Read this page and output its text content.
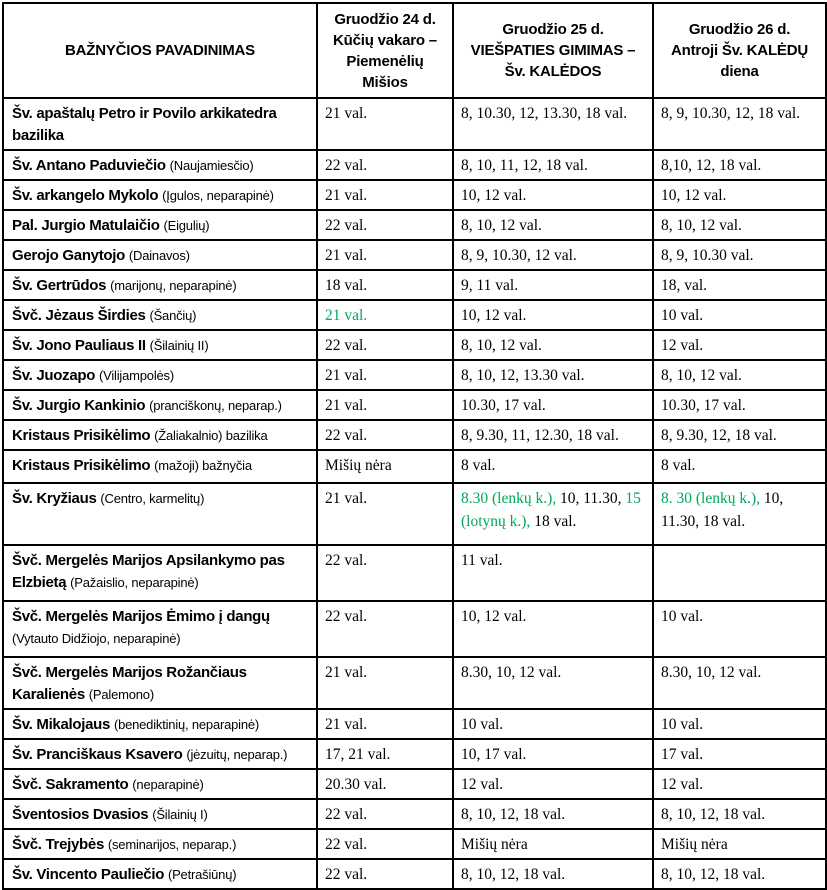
BAŽNYČIOS PAVADINIMAS

Gruodžio 24 d.
Kūčių vakaro –
Piemenėlių
Mišios

Gruodžio 25 d.
VIEŠPATIES GIMIMAS –
Šv. KALĖDOS

Gruodžio 26 d.
Antroji Šv. KALĖDŲ
diena

Šv. apaštalų Petro ir Povilo arkikatedra bazilika	21 val.	8, 10.30, 12, 13.30, 18 val.	8, 9, 10.30, 12, 18 val.
Šv. Antano Paduviečio (Naujamiesčio)	22 val.	8, 10, 11, 12, 18 val.	8,10, 12, 18 val.
Šv. arkangelo Mykolo (Įgulos, neparapinė)	21 val.	10, 12 val.	10, 12 val.
Pal. Jurgio Matulaičio (Eigulių)	22 val.	8, 10, 12 val.	8, 10, 12 val.
Gerojo Ganytojo (Dainavos)	21 val.	8, 9, 10.30, 12 val.	8, 9, 10.30 val.
Šv. Gertrūdos (marijonų, neparapinė)	18 val.	9, 11 val.	18, val.
Švč. Jėzaus Širdies (Šančių)	21 val.	10, 12 val.	10 val.
Šv. Jono Pauliaus II (Šilainių II)	22 val.	8, 10, 12 val.	12 val.
Šv. Juozapo (Vilijampolės)	21 val.	8, 10, 12, 13.30 val.	8, 10, 12 val.
Šv. Jurgio Kankinio (pranciškonų, neparap.)	21 val.	10.30, 17 val.	10.30, 17 val.
Kristaus Prisikėlimo (Žaliakalnio) bazilika	22 val.	8, 9.30, 11, 12.30, 18 val.	8, 9.30, 12, 18 val.
Kristaus Prisikėlimo (mažoji) bažnyčia	Mišių nėra	8 val.	8 val.
Šv. Kryžiaus (Centro, karmelitų)	21 val.	8.30 (lenkų k.), 10, 11.30, 15 (lotynų k.), 18 val.	8. 30 (lenkų k.), 10, 11.30, 18 val.
Švč. Mergelės Marijos Apsilankymo pas Elzbietą (Pažaislio, neparapinė)	22 val.	11 val.	
Švč. Mergelės Marijos Ėmimo į dangų (Vytauto Didžiojo, neparapinė)	22 val.	10, 12 val.	10 val.
Švč. Mergelės Marijos Rožančiaus Karalienės (Palemono)	21 val.	8.30, 10, 12 val.	8.30, 10, 12 val.
Šv. Mikalojaus (benediktinių, neparapinė)	21 val.	10 val.	10 val.
Šv. Pranciškaus Ksavero (jėzuitų, neparap.)	17, 21 val.	10, 17 val.	17 val.
Švč. Sakramento (neparapinė)	20.30 val.	12 val.	12 val.
Šventosios Dvasios (Šilainių I)	22 val.	8, 10, 12, 18 val.	8, 10, 12, 18 val.
Švč. Trejybės (seminarijos, neparap.)	22 val.	Mišių nėra	Mišių nėra
Šv. Vincento Pauliečio (Petrašiūnų)	22 val.	8, 10, 12, 18 val.	8, 10, 12, 18 val.
